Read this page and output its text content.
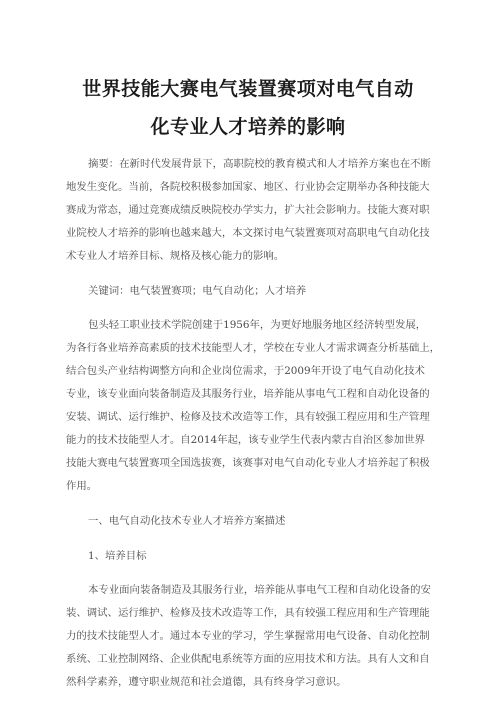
世界技能大赛电气装置赛项对电气自动
化专业人才培养的影响
摘要：在新时代发展背景下，高职院校的教育模式和人才培养方案也在不断
地发生变化。当前，各院校积极参加国家、地区、行业协会定期举办各种技能大
赛成为常态，通过竞赛成绩反映院校办学实力，扩大社会影响力。技能大赛对职
业院校人才培养的影响也越来越大，本文探讨电气装置赛项对高职电气自动化技
术专业人才培养目标、规格及核心能力的影响。
关键词：电气装置赛项；电气自动化；人才培养
包头轻工职业技术学院创建于1956年，为更好地服务地区经济转型发展，
为各行各业培养高素质的技术技能型人才，学校在专业人才需求调查分析基础上，
结合包头产业结构调整方向和企业岗位需求，于2009年开设了电气自动化技术
专业，该专业面向装备制造及其服务行业，培养能从事电气工程和自动化设备的
安装、调试、运行维护、检修及技术改造等工作，具有较强工程应用和生产管理
能力的技术技能型人才。自2014年起，该专业学生代表内蒙古自治区参加世界
技能大赛电气装置赛项全国选拔赛，该赛事对电气自动化专业人才培养起了积极
作用。
一、电气自动化技术专业人才培养方案描述
1、培养目标
本专业面向装备制造及其服务行业，培养能从事电气工程和自动化设备的安
装、调试、运行维护、检修及技术改造等工作，具有较强工程应用和生产管理能
力的技术技能型人才。通过本专业的学习，学生掌握常用电气设备、自动化控制
系统、工业控制网络、企业供配电系统等方面的应用技术和方法。具有人文和自
然科学素养，遵守职业规范和社会道德，具有终身学习意识。
